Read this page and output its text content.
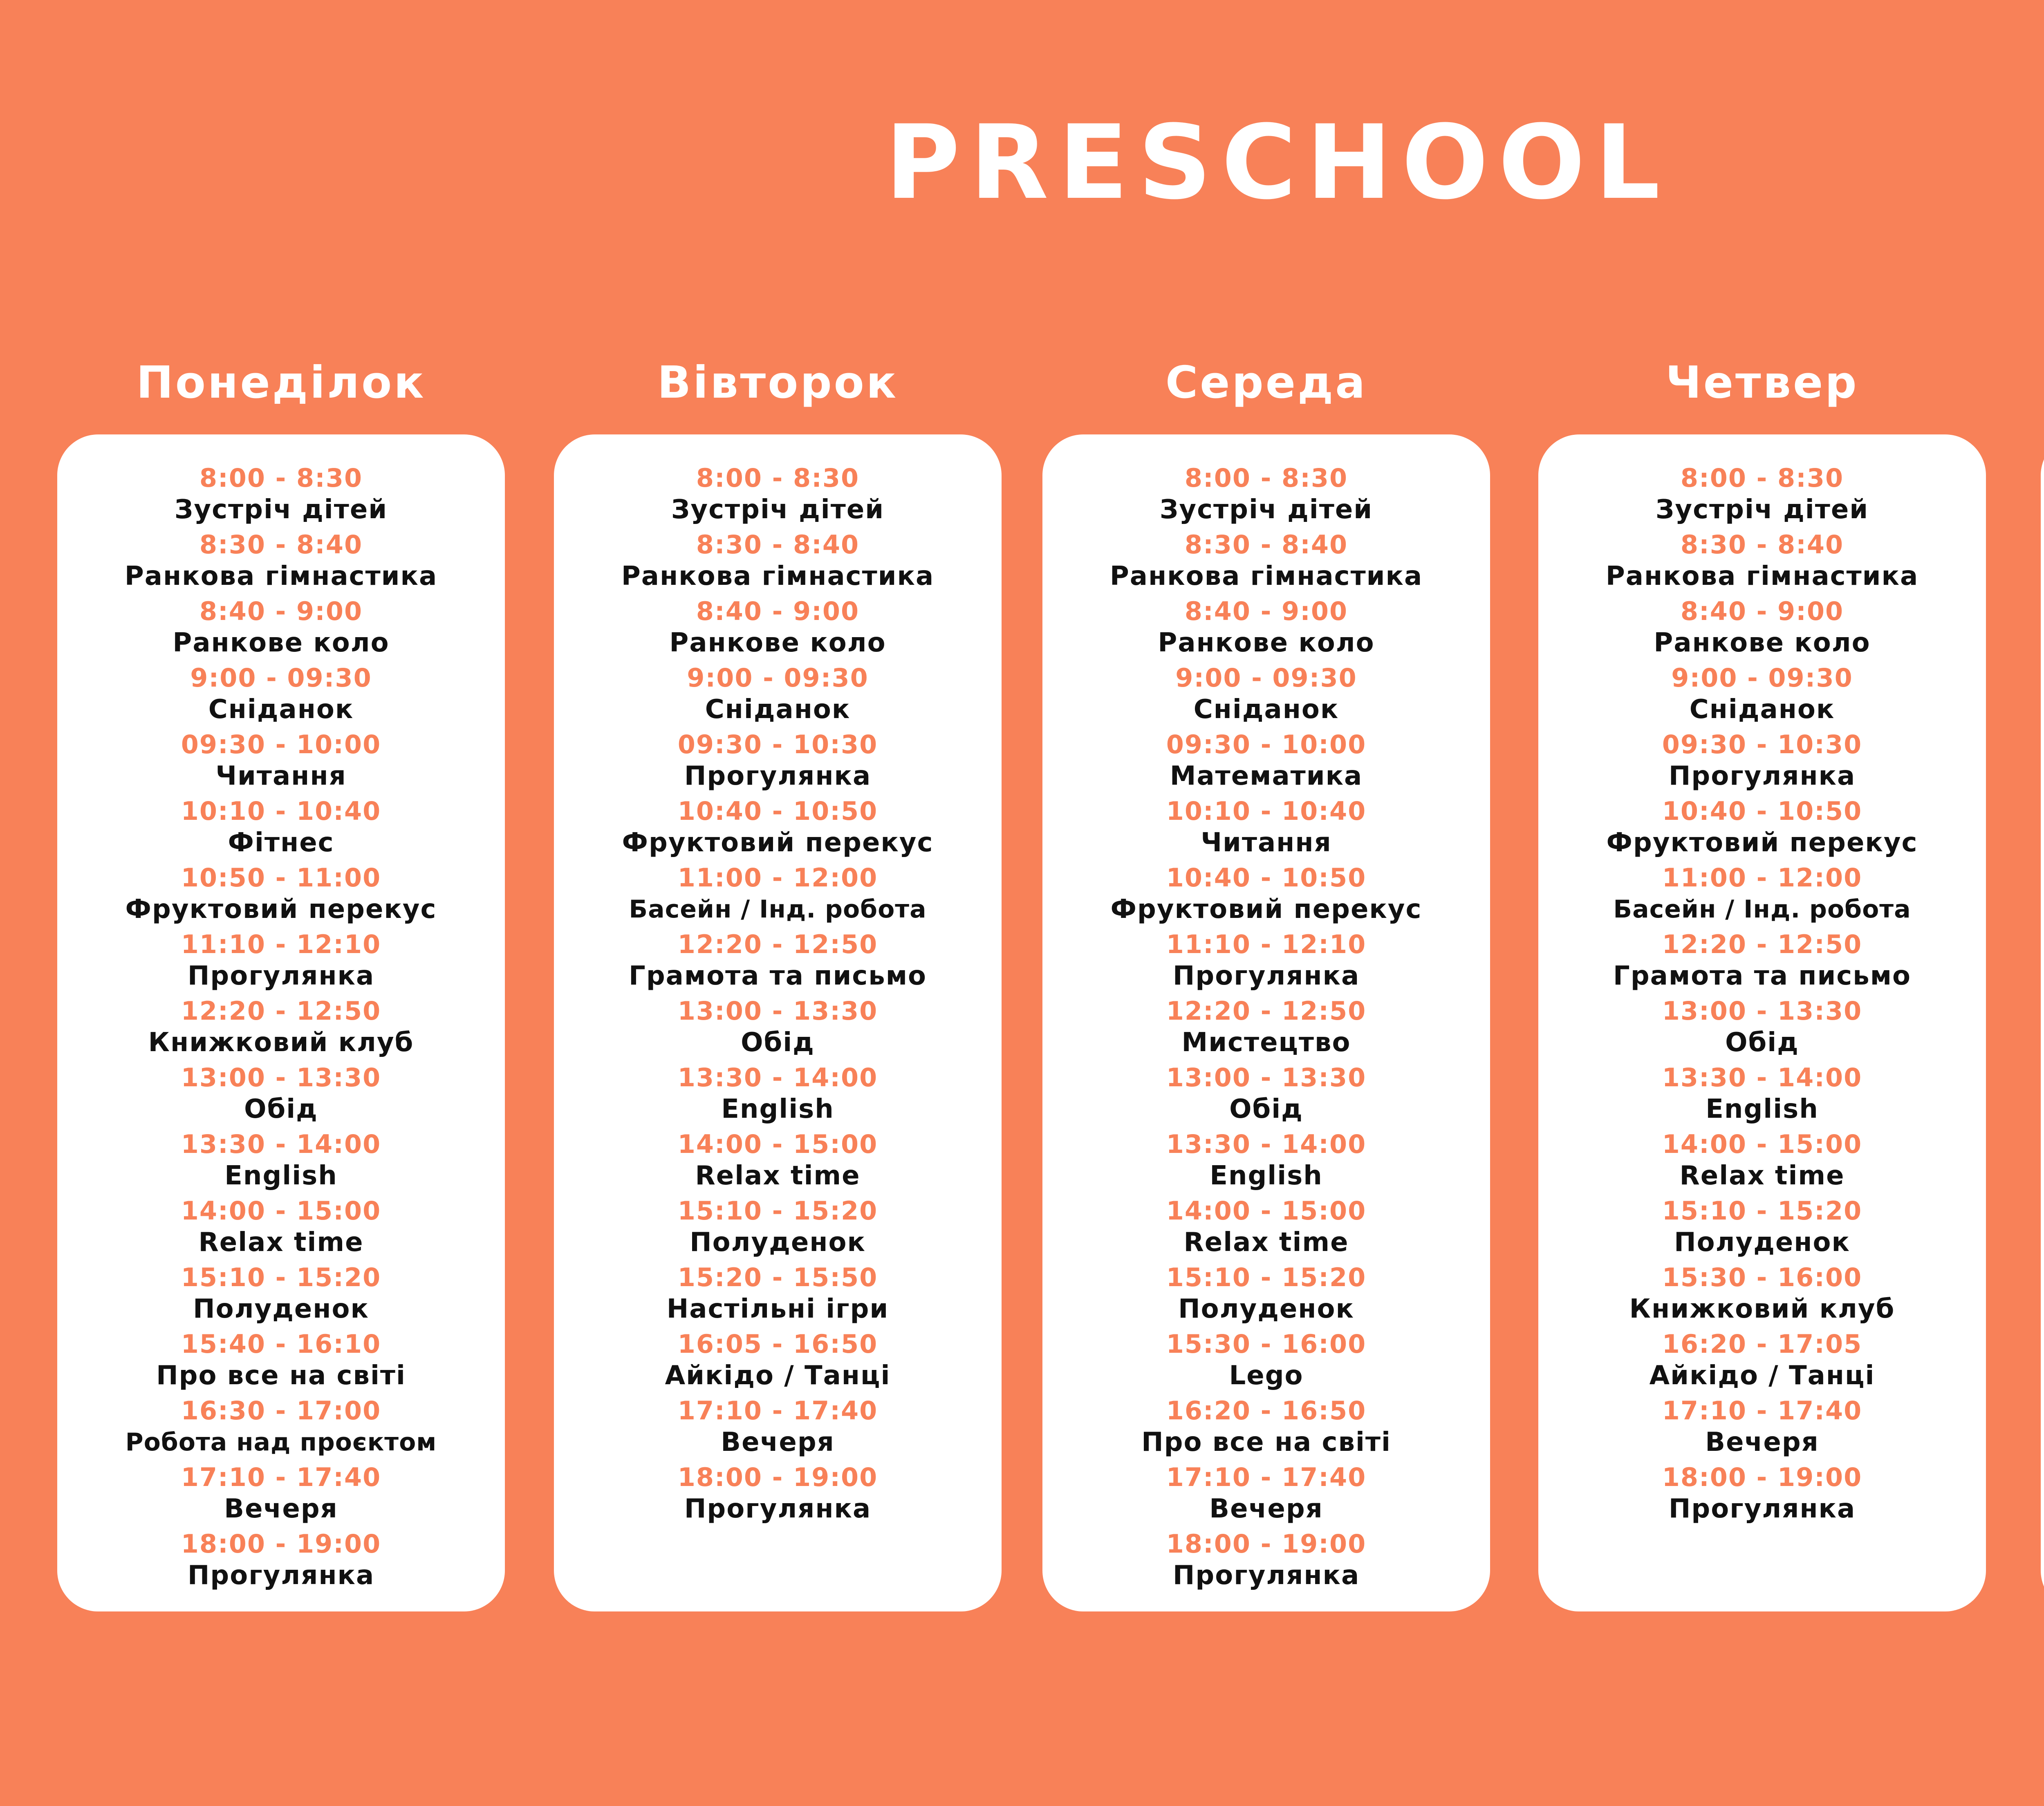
PRESCHOOL
Понеділок
8:00 - 8:30
Зустріч дітей
8:30 - 8:40
Ранкова гімнастика
8:40 - 9:00
Ранкове коло
9:00 - 09:30
Сніданок
09:30 - 10:00
Читання
10:10 - 10:40
Фітнес
10:50 - 11:00
Фруктовий перекус
11:10 - 12:10
Прогулянка
12:20 - 12:50
Книжковий клуб
13:00 - 13:30
Обід
13:30 - 14:00
English
14:00 - 15:00
Relax time
15:10 - 15:20
Полуденок
15:40 - 16:10
Про все на світі
16:30 - 17:00
Робота над проєктом
17:10 - 17:40
Вечеря
18:00 - 19:00
Прогулянка
Вівторок
8:00 - 8:30
Зустріч дітей
8:30 - 8:40
Ранкова гімнастика
8:40 - 9:00
Ранкове коло
9:00 - 09:30
Сніданок
09:30 - 10:30
Прогулянка
10:40 - 10:50
Фруктовий перекус
11:00 - 12:00
Басейн / Інд. робота
12:20 - 12:50
Грамота та письмо
13:00 - 13:30
Обід
13:30 - 14:00
English
14:00 - 15:00
Relax time
15:10 - 15:20
Полуденок
15:20 - 15:50
Настільні ігри
16:05 - 16:50
Айкідо / Танці
17:10 - 17:40
Вечеря
18:00 - 19:00
Прогулянка
Середа
8:00 - 8:30
Зустріч дітей
8:30 - 8:40
Ранкова гімнастика
8:40 - 9:00
Ранкове коло
9:00 - 09:30
Сніданок
09:30 - 10:00
Математика
10:10 - 10:40
Читання
10:40 - 10:50
Фруктовий перекус
11:10 - 12:10
Прогулянка
12:20 - 12:50
Мистецтво
13:00 - 13:30
Обід
13:30 - 14:00
English
14:00 - 15:00
Relax time
15:10 - 15:20
Полуденок
15:30 - 16:00
Lego
16:20 - 16:50
Про все на світі
17:10 - 17:40
Вечеря
18:00 - 19:00
Прогулянка
Четвер
8:00 - 8:30
Зустріч дітей
8:30 - 8:40
Ранкова гімнастика
8:40 - 9:00
Ранкове коло
9:00 - 09:30
Сніданок
09:30 - 10:30
Прогулянка
10:40 - 10:50
Фруктовий перекус
11:00 - 12:00
Басейн / Інд. робота
12:20 - 12:50
Грамота та письмо
13:00 - 13:30
Обід
13:30 - 14:00
English
14:00 - 15:00
Relax time
15:10 - 15:20
Полуденок
15:30 - 16:00
Книжковий клуб
16:20 - 17:05
Айкідо / Танці
17:10 - 17:40
Вечеря
18:00 - 19:00
Прогулянка
